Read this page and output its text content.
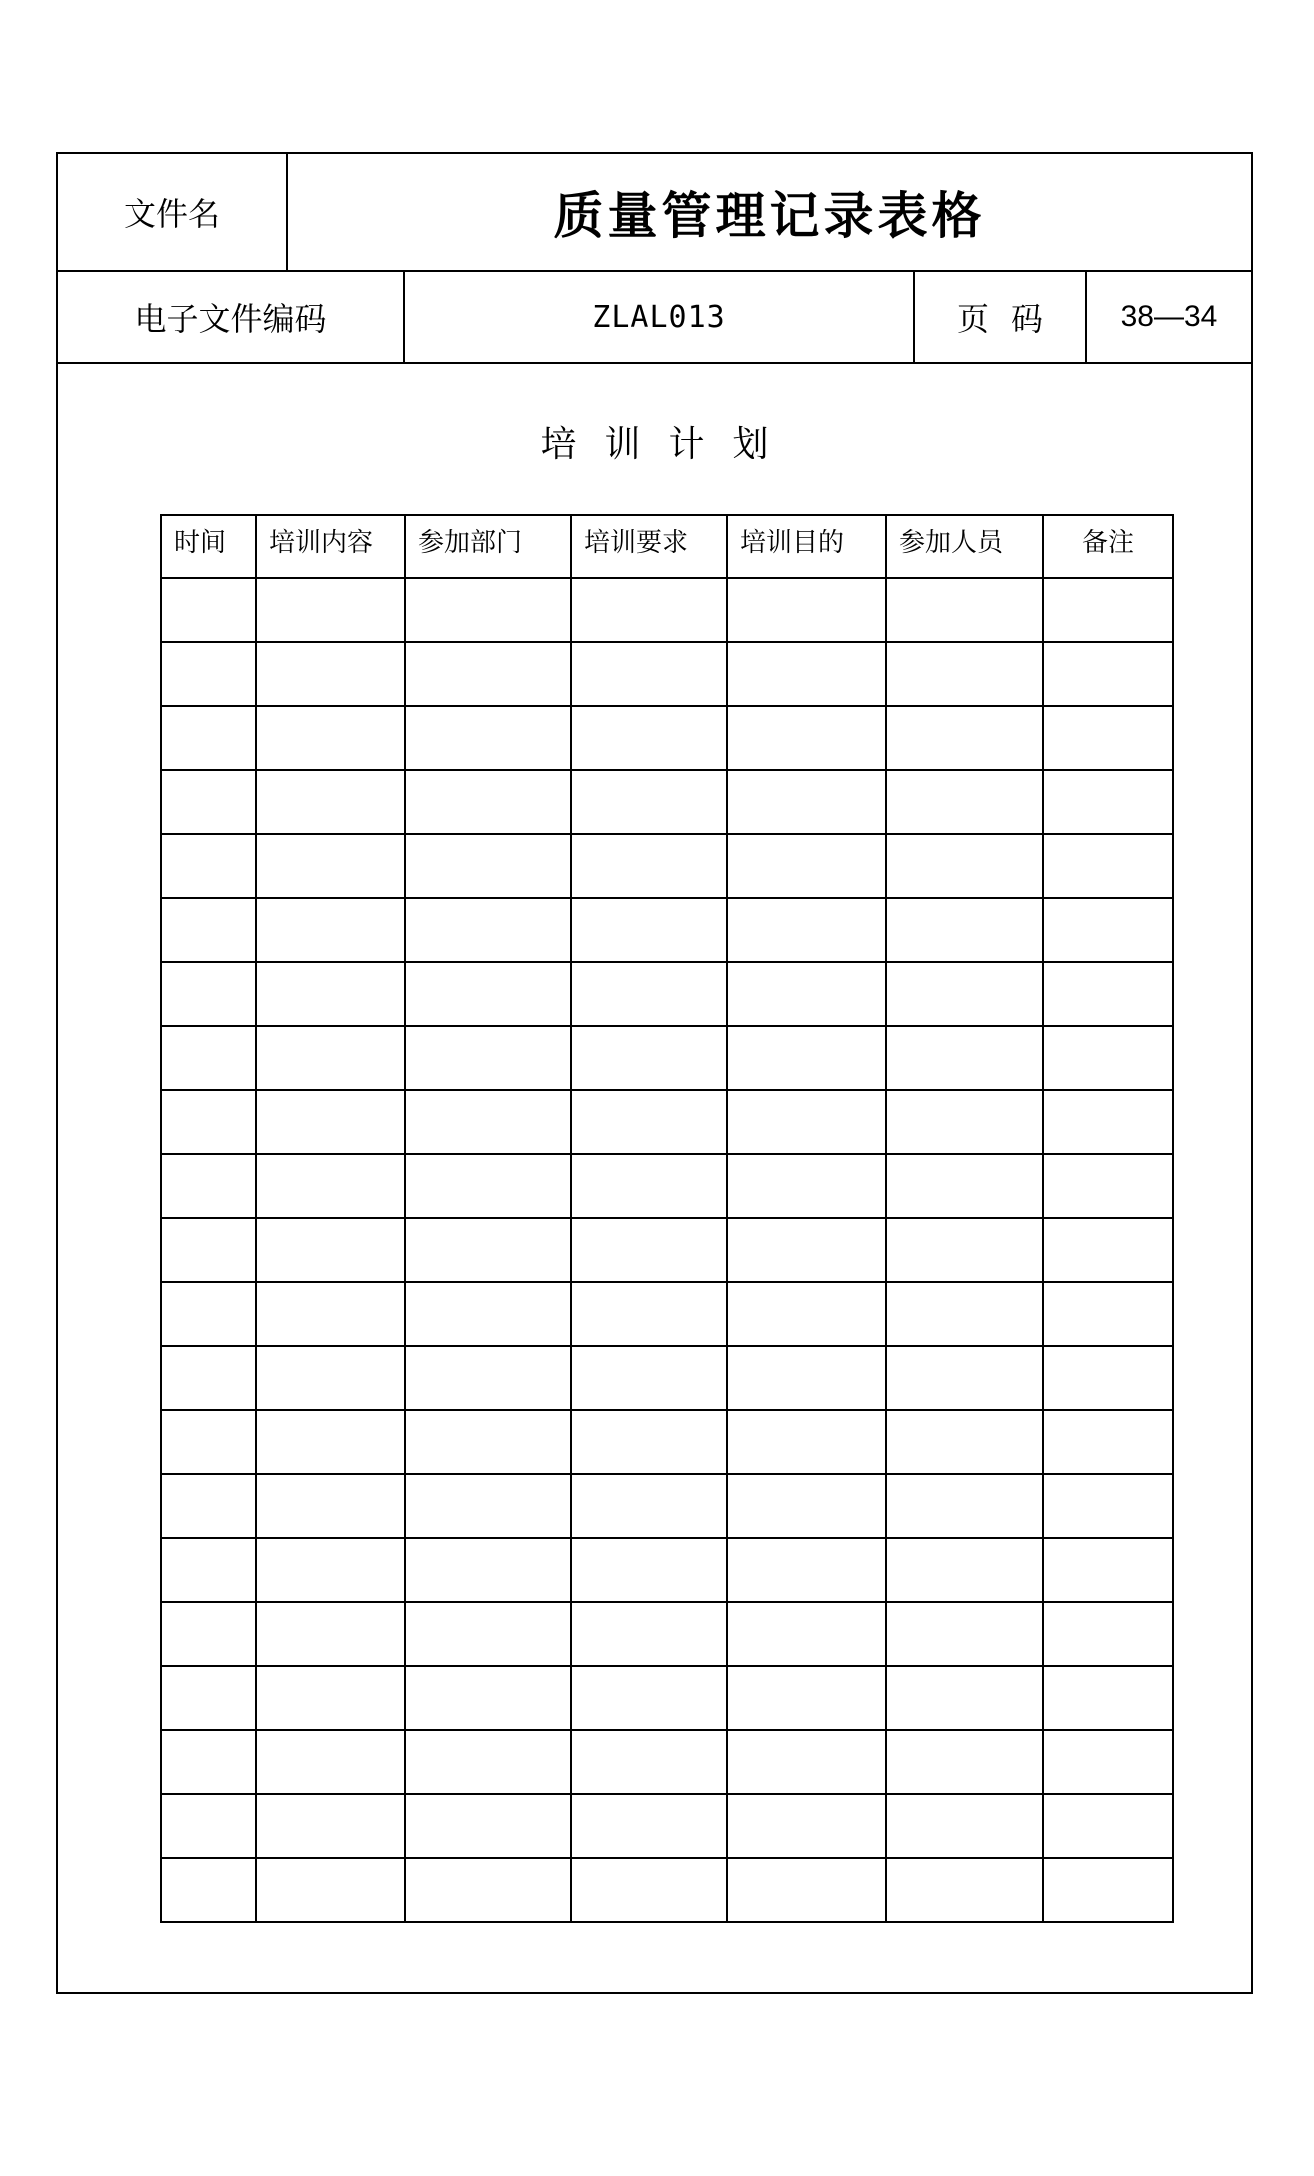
文件名	质量管理记录表格
电子文件编码	ZLAL013	页码	38—34
培训计划
时间	培训内容	参加部门	培训要求	培训目的	参加人员	备注
